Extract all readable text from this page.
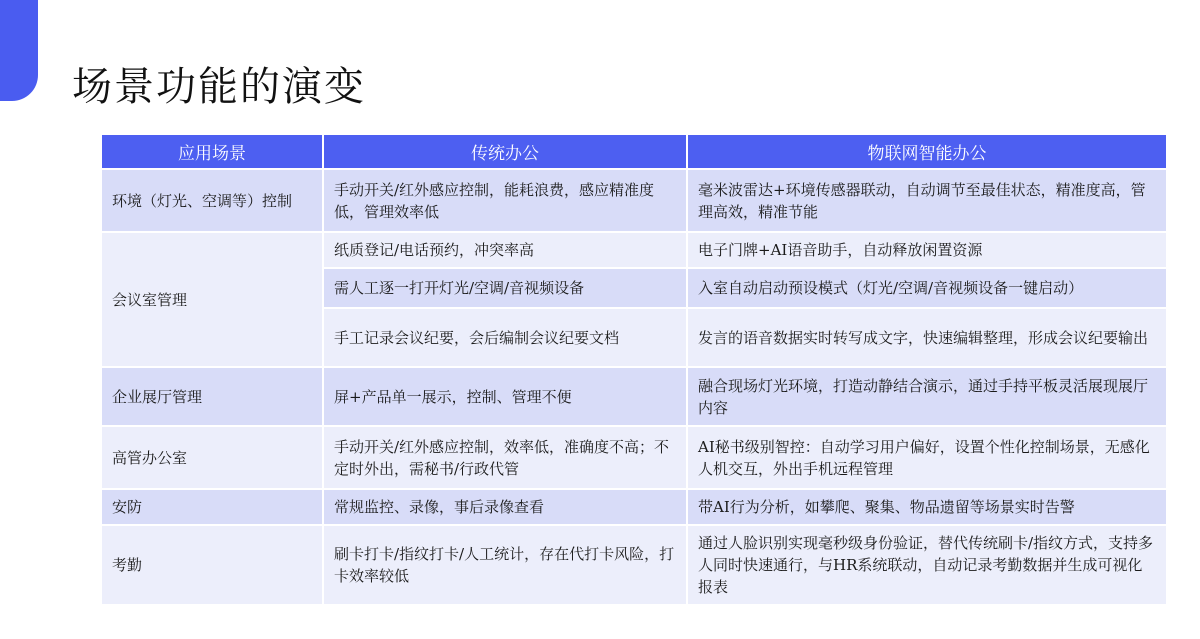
场景功能的演变
应用场景	传统办公	物联网智能办公
环境（灯光、空调等）控制	手动开关/红外感应控制，能耗浪费，感应精准度低，管理效率低	毫米波雷达+环境传感器联动，自动调节至最佳状态，精准度高，管理高效，精准节能
会议室管理	纸质登记/电话预约，冲突率高	电子门牌+AI语音助手，自动释放闲置资源
	需人工逐一打开灯光/空调/音视频设备	入室自动启动预设模式（灯光/空调/音视频设备一键启动）
	手工记录会议纪要，会后编制会议纪要文档	发言的语音数据实时转写成文字，快速编辑整理，形成会议纪要输出
企业展厅管理	屏+产品单一展示，控制、管理不便	融合现场灯光环境，打造动静结合演示，通过手持平板灵活展现展厅内容
高管办公室	手动开关/红外感应控制，效率低，准确度不高；不定时外出，需秘书/行政代管	AI秘书级别智控：自动学习用户偏好，设置个性化控制场景，无感化人机交互，外出手机远程管理
安防	常规监控、录像，事后录像查看	带AI行为分析，如攀爬、聚集、物品遗留等场景实时告警
考勤	刷卡打卡/指纹打卡/人工统计，存在代打卡风险，打卡效率较低	通过人脸识别实现毫秒级身份验证，替代传统刷卡/指纹方式，支持多人同时快速通行，与HR系统联动，自动记录考勤数据并生成可视化报表
